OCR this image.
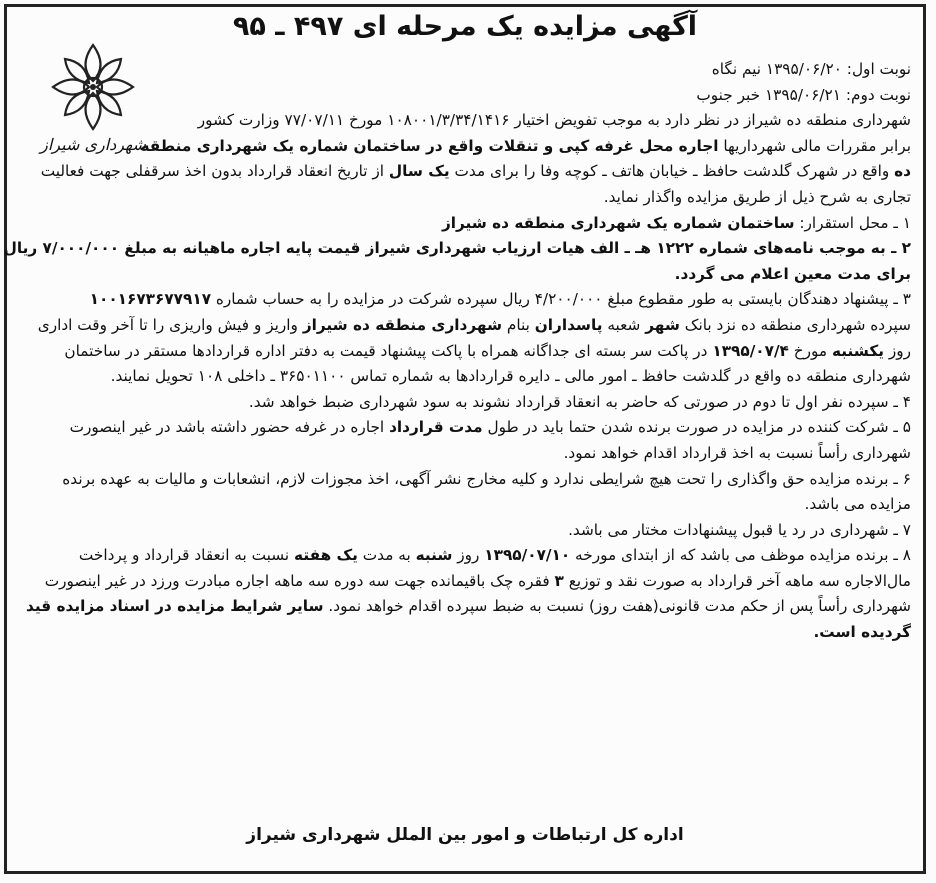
آگهی مزایده یک مرحله ای ۴۹۷ ـ ۹۵
شهرداری شیراز
نوبت اول: ۱۳۹۵/۰۶/۲۰ نیم نگاه
نوبت دوم: ۱۳۹۵/۰۶/۲۱ خبر جنوب
شهرداری منطقه ده شیراز در نظر دارد به موجب تفویض اختیار ۱۰۸۰۰۱/۳/۳۴/۱۴۱۶ مورخ ۷۷/۰۷/۱۱ وزارت کشور
برابر مقررات مالی شهرداریها اجاره محل غرفه کپی و تنقلات واقع در ساختمان شماره یک شهرداری منطقه
ده واقع در شهرک گلدشت حافظ ـ خیابان هاتف ـ کوچه وفا را برای مدت یک سال از تاریخ انعقاد قرارداد بدون اخذ سرقفلی جهت فعالیت
تجاری به شرح ذیل از طریق مزایده واگذار نماید.
۱ ـ محل استقرار: ساختمان شماره یک شهرداری منطقه ده شیراز
۲ ـ به موجب نامه‌های شماره ۱۲۲۲ هـ ـ الف هیات ارزیاب شهرداری شیراز قیمت پایه اجاره ماهیانه به مبلغ ۷/۰۰۰/۰۰۰ ریال
برای مدت معین اعلام می گردد.
۳ ـ پیشنهاد دهندگان بایستی به طور مقطوع مبلغ ۴/۲۰۰/۰۰۰ ریال سپرده شرکت در مزایده را به حساب شماره ۱۰۰۱۶۷۳۶۷۷۹۱۷
سپرده شهرداری منطقه ده نزد بانک شهر شعبه پاسداران بنام شهرداری منطقه ده شیراز واریز و فیش واریزی را تا آخر وقت اداری
روز یکشنبه مورخ ۱۳۹۵/۰۷/۴ در پاکت سر بسته ای جداگانه همراه با پاکت پیشنهاد قیمت به دفتر اداره قراردادها مستقر در ساختمان
شهرداری منطقه ده واقع در گلدشت حافظ ـ امور مالی ـ دایره قراردادها به شماره تماس ۳۶۵۰۱۱۰۰ ـ داخلی ۱۰۸ تحویل نمایند.
۴ ـ سپرده نفر اول تا دوم در صورتی که حاضر به انعقاد قرارداد نشوند به سود شهرداری ضبط خواهد شد.
۵ ـ شرکت کننده در مزایده در صورت برنده شدن حتما باید در طول مدت قرارداد اجاره در غرفه حضور داشته باشد در غیر اینصورت
شهرداری رأساً نسبت به اخذ قرارداد اقدام خواهد نمود.
۶ ـ برنده مزایده حق واگذاری را تحت هیچ شرایطی ندارد و کلیه مخارج نشر آگهی، اخذ مجوزات لازم، انشعابات و مالیات به عهده برنده
مزایده می باشد.
۷ ـ شهرداری در رد یا قبول پیشنهادات مختار می باشد.
۸ ـ برنده مزایده موظف می باشد که از ابتدای مورخه ۱۳۹۵/۰۷/۱۰ روز شنبه به مدت یک هفته نسبت به انعقاد قرارداد و پرداخت
مال‌الاجاره سه ماهه آخر قرارداد به صورت نقد و توزیع ۳ فقره چک باقیمانده جهت سه دوره سه ماهه اجاره مبادرت ورزد در غیر اینصورت
شهرداری رأساً پس از حکم مدت قانونی(هفت روز) نسبت به ضبط سپرده اقدام خواهد نمود. سایر شرایط مزایده در اسناد مزایده قید
گردیده است.
اداره کل ارتباطات و امور بین الملل شهرداری شیراز
